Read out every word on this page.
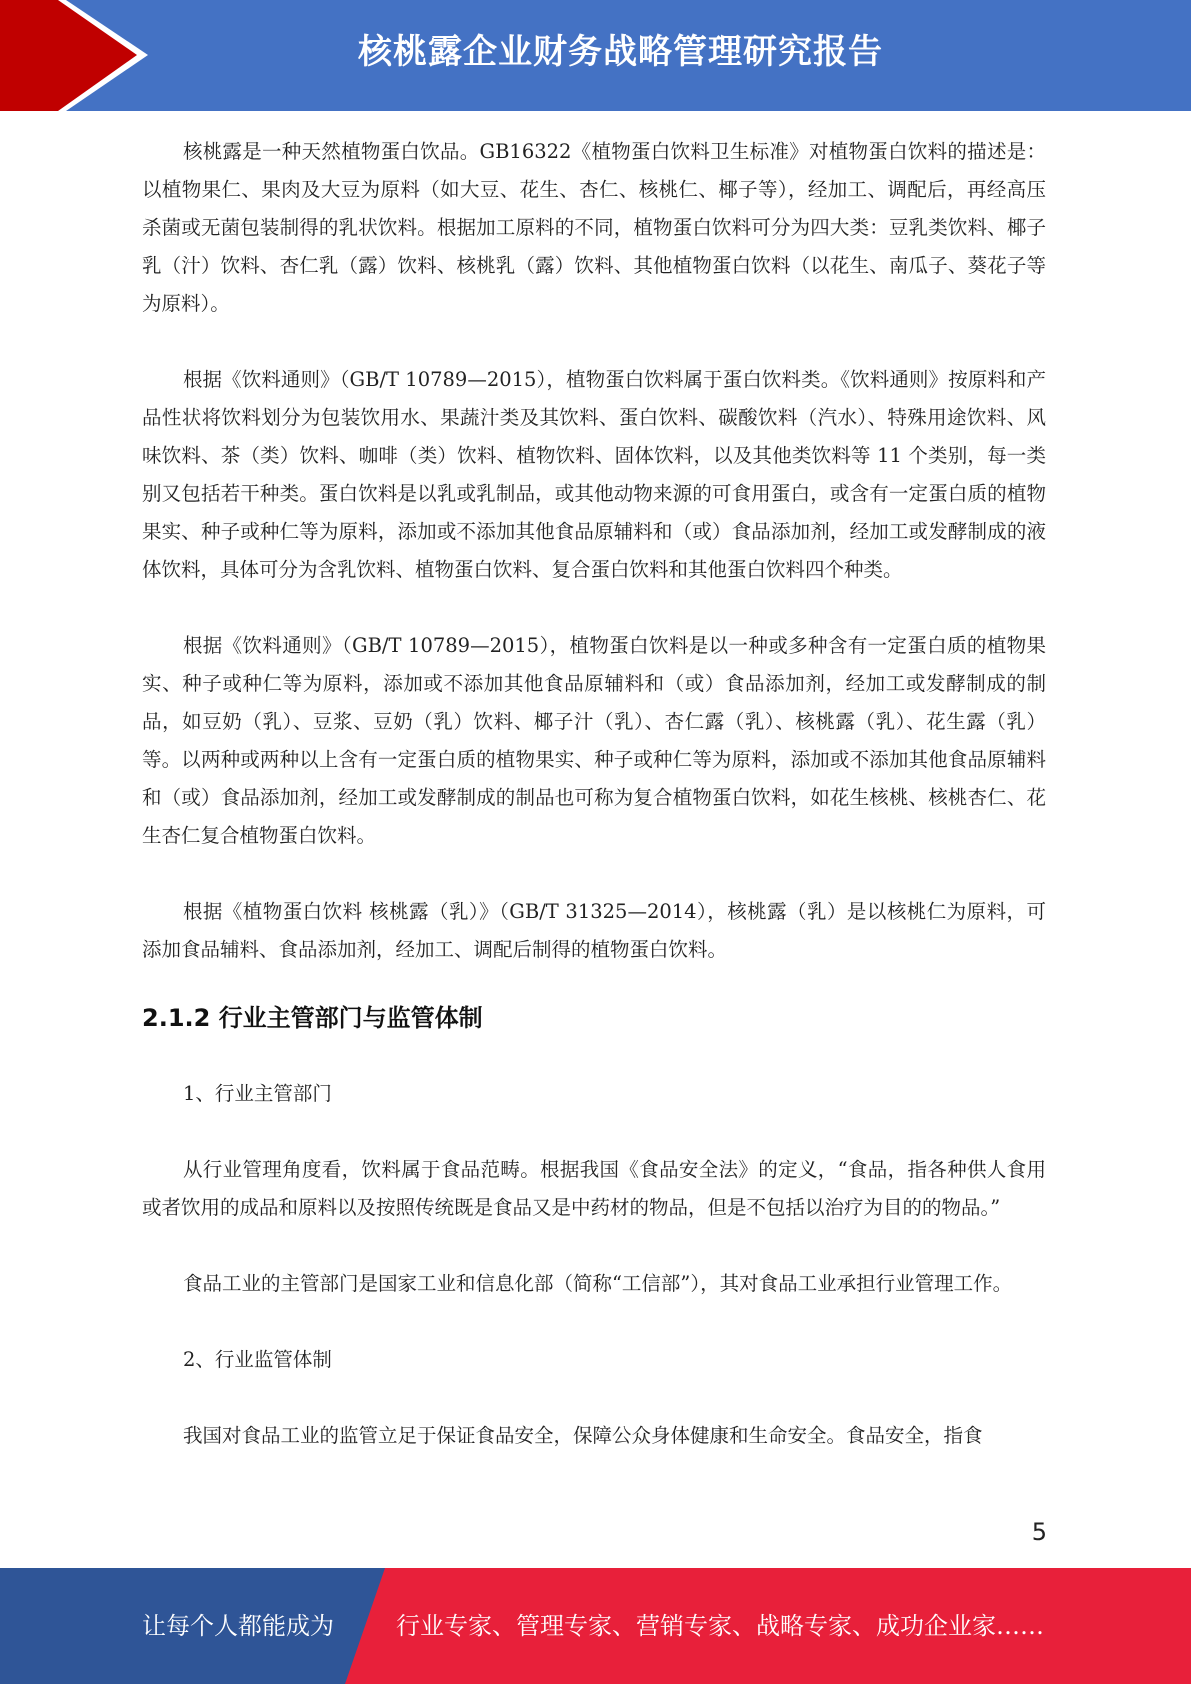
核桃露企业财务战略管理研究报告

核桃露是一种天然植物蛋白饮品。GB16322《植物蛋白饮料卫生标准》对植物蛋白饮料的描述是：以植物果仁、果肉及大豆为原料（如大豆、花生、杏仁、核桃仁、椰子等），经加工、调配后，再经高压杀菌或无菌包装制得的乳状饮料。根据加工原料的不同，植物蛋白饮料可分为四大类：豆乳类饮料、椰子乳（汁）饮料、杏仁乳（露）饮料、核桃乳（露）饮料、其他植物蛋白饮料（以花生、南瓜子、葵花子等为原料）。

根据《饮料通则》（GB/T 10789—2015），植物蛋白饮料属于蛋白饮料类。《饮料通则》按原料和产品性状将饮料划分为包装饮用水、果蔬汁类及其饮料、蛋白饮料、碳酸饮料（汽水）、特殊用途饮料、风味饮料、茶（类）饮料、咖啡（类）饮料、植物饮料、固体饮料，以及其他类饮料等 11 个类别，每一类别又包括若干种类。蛋白饮料是以乳或乳制品，或其他动物来源的可食用蛋白，或含有一定蛋白质的植物果实、种子或种仁等为原料，添加或不添加其他食品原辅料和（或）食品添加剂，经加工或发酵制成的液体饮料，具体可分为含乳饮料、植物蛋白饮料、复合蛋白饮料和其他蛋白饮料四个种类。

根据《饮料通则》（GB/T 10789—2015），植物蛋白饮料是以一种或多种含有一定蛋白质的植物果实、种子或种仁等为原料，添加或不添加其他食品原辅料和（或）食品添加剂，经加工或发酵制成的制品，如豆奶（乳）、豆浆、豆奶（乳）饮料、椰子汁（乳）、杏仁露（乳）、核桃露（乳）、花生露（乳）等。以两种或两种以上含有一定蛋白质的植物果实、种子或种仁等为原料，添加或不添加其他食品原辅料和（或）食品添加剂，经加工或发酵制成的制品也可称为复合植物蛋白饮料，如花生核桃、核桃杏仁、花生杏仁复合植物蛋白饮料。

根据《植物蛋白饮料 核桃露（乳）》（GB/T 31325—2014），核桃露（乳）是以核桃仁为原料，可添加食品辅料、食品添加剂，经加工、调配后制得的植物蛋白饮料。

2.1.2 行业主管部门与监管体制

1、行业主管部门

从行业管理角度看，饮料属于食品范畴。根据我国《食品安全法》的定义，“食品，指各种供人食用或者饮用的成品和原料以及按照传统既是食品又是中药材的物品，但是不包括以治疗为目的的物品。”

食品工业的主管部门是国家工业和信息化部（简称“工信部”），其对食品工业承担行业管理工作。

2、行业监管体制

我国对食品工业的监管立足于保证食品安全，保障公众身体健康和生命安全。食品安全，指食

5
让每个人都能成为	行业专家、管理专家、营销专家、战略专家、成功企业家……
